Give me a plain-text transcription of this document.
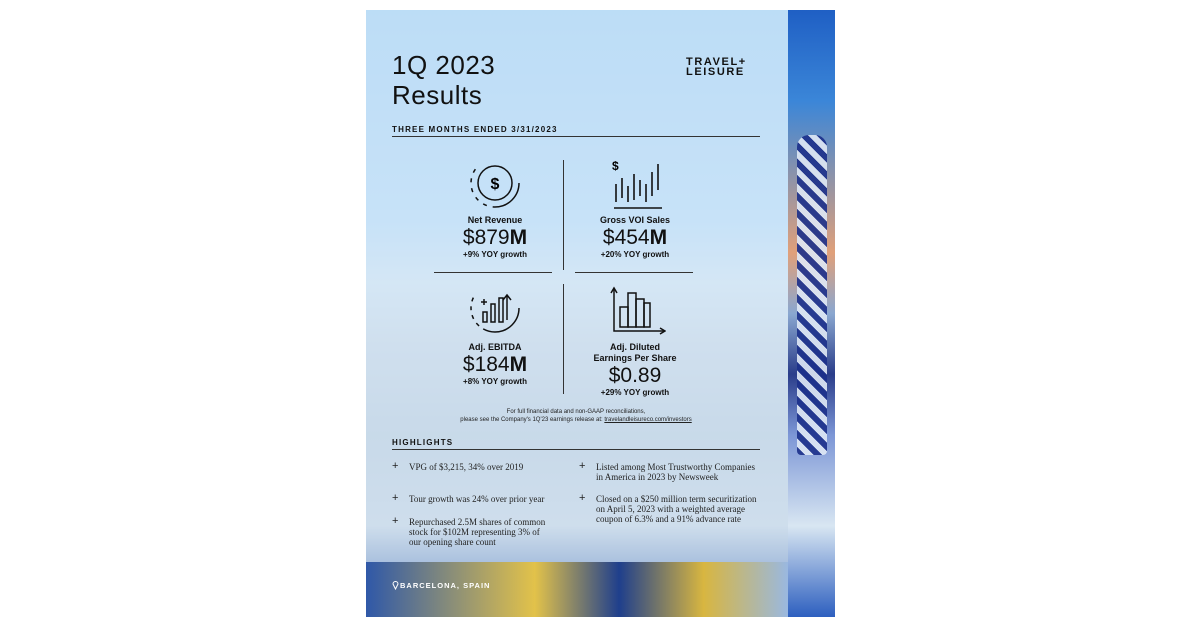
1Q 2023
Results
TRAVEL+
LEISURE
THREE MONTHS ENDED 3/31/2023
$
Net Revenue
$879M
+9% YOY growth
$
Gross VOI Sales
$454M
+20% YOY growth
Adj. EBITDA
$184M
+8% YOY growth
Adj. Diluted
Earnings Per Share
$0.89
+29% YOY growth
For full financial data and non-GAAP reconciliations,
please see the Company's 1Q'23 earnings release at: travelandleisureco.com/investors
HIGHLIGHTS
+ VPG of $3,215, 34% over 2019
+ Tour growth was 24% over prior year
+ Repurchased 2.5M shares of common stock for $102M representing 3% of our opening share count
+ Listed among Most Trustworthy Companies in America in 2023 by Newsweek
+ Closed on a $250 million term securitization on April 5, 2023 with a weighted average coupon of 6.3% and a 91% advance rate
BARCELONA, SPAIN
